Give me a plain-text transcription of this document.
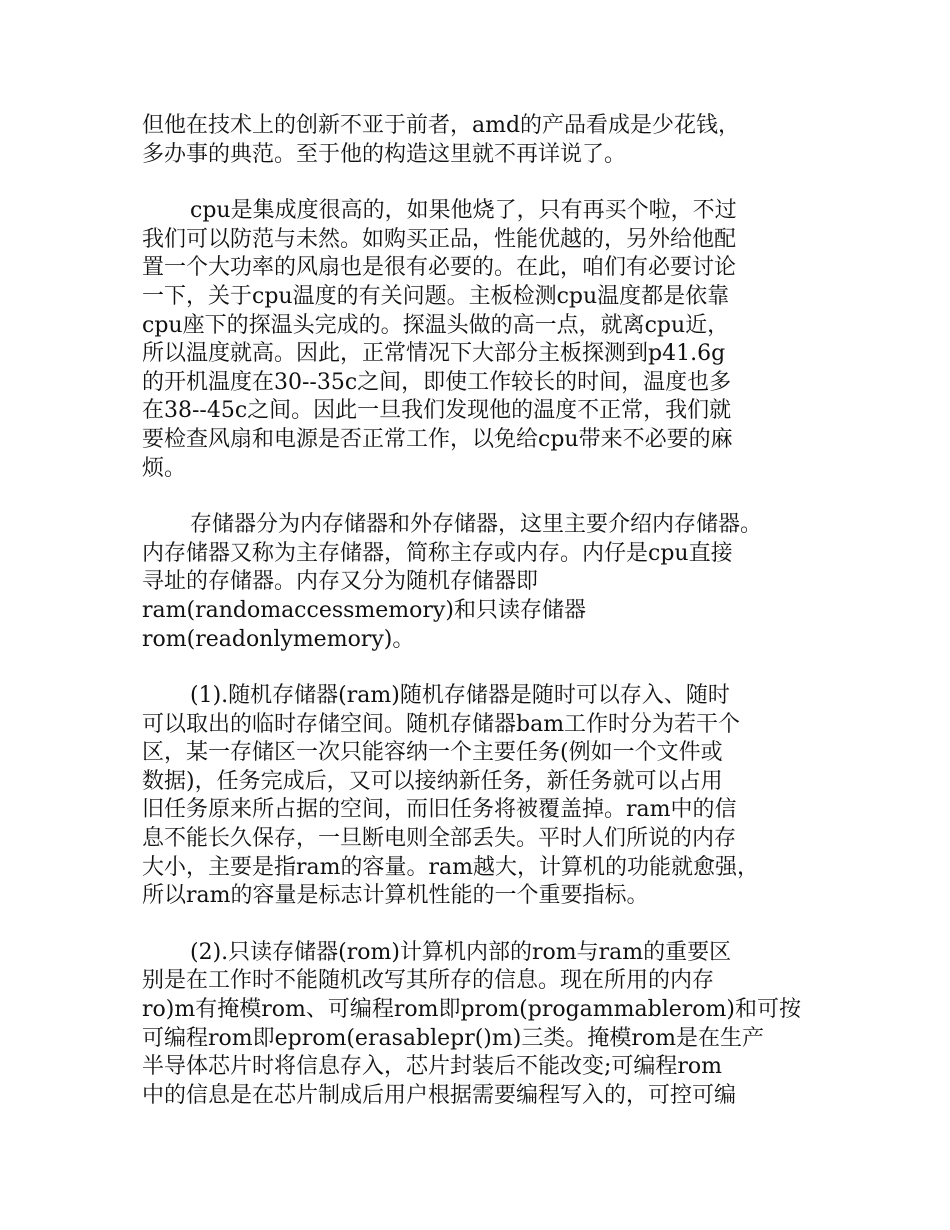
但他在技术上的创新不亚于前者，amd的产品看成是少花钱，
多办事的典范。至于他的构造这里就不再详说了。

cpu是集成度很高的，如果他烧了，只有再买个啦，不过
我们可以防范与未然。如购买正品，性能优越的，另外给他配
置一个大功率的风扇也是很有必要的。在此，咱们有必要讨论
一下，关于cpu温度的有关问题。主板检测cpu温度都是依靠
cpu座下的探温头完成的。探温头做的高一点，就离cpu近，
所以温度就高。因此，正常情况下大部分主板探测到p41.6g
的开机温度在30--35c之间，即使工作较长的时间，温度也多
在38--45c之间。因此一旦我们发现他的温度不正常，我们就
要检查风扇和电源是否正常工作，以免给cpu带来不必要的麻
烦。

存储器分为内存储器和外存储器，这里主要介绍内存储器。
内存储器又称为主存储器，简称主存或内存。内仔是cpu直接
寻址的存储器。内存又分为随机存储器即
ram(randomaccessmemory)和只读存储器
rom(readonlymemory)。

(1).随机存储器(ram)随机存储器是随时可以存入、随时
可以取出的临时存储空间。随机存储器bam工作时分为若干个
区，某一存储区一次只能容纳一个主要任务(例如一个文件或
数据)，任务完成后，又可以接纳新任务，新任务就可以占用
旧任务原来所占据的空间，而旧任务将被覆盖掉。ram中的信
息不能长久保存，一旦断电则全部丢失。平时人们所说的内存
大小，主要是指ram的容量。ram越大，计算机的功能就愈强，
所以ram的容量是标志计算机性能的一个重要指标。

(2).只读存储器(rom)计算机内部的rom与ram的重要区
别是在工作时不能随机改写其所存的信息。现在所用的内存
ro)m有掩模rom、可编程rom即prom(progammablerom)和可按
可编程rom即eprom(erasablepr()m)三类。掩模rom是在生产
半导体芯片时将信息存入，芯片封装后不能改变;可编程rom
中的信息是在芯片制成后用户根据需要编程写入的，可控可编
